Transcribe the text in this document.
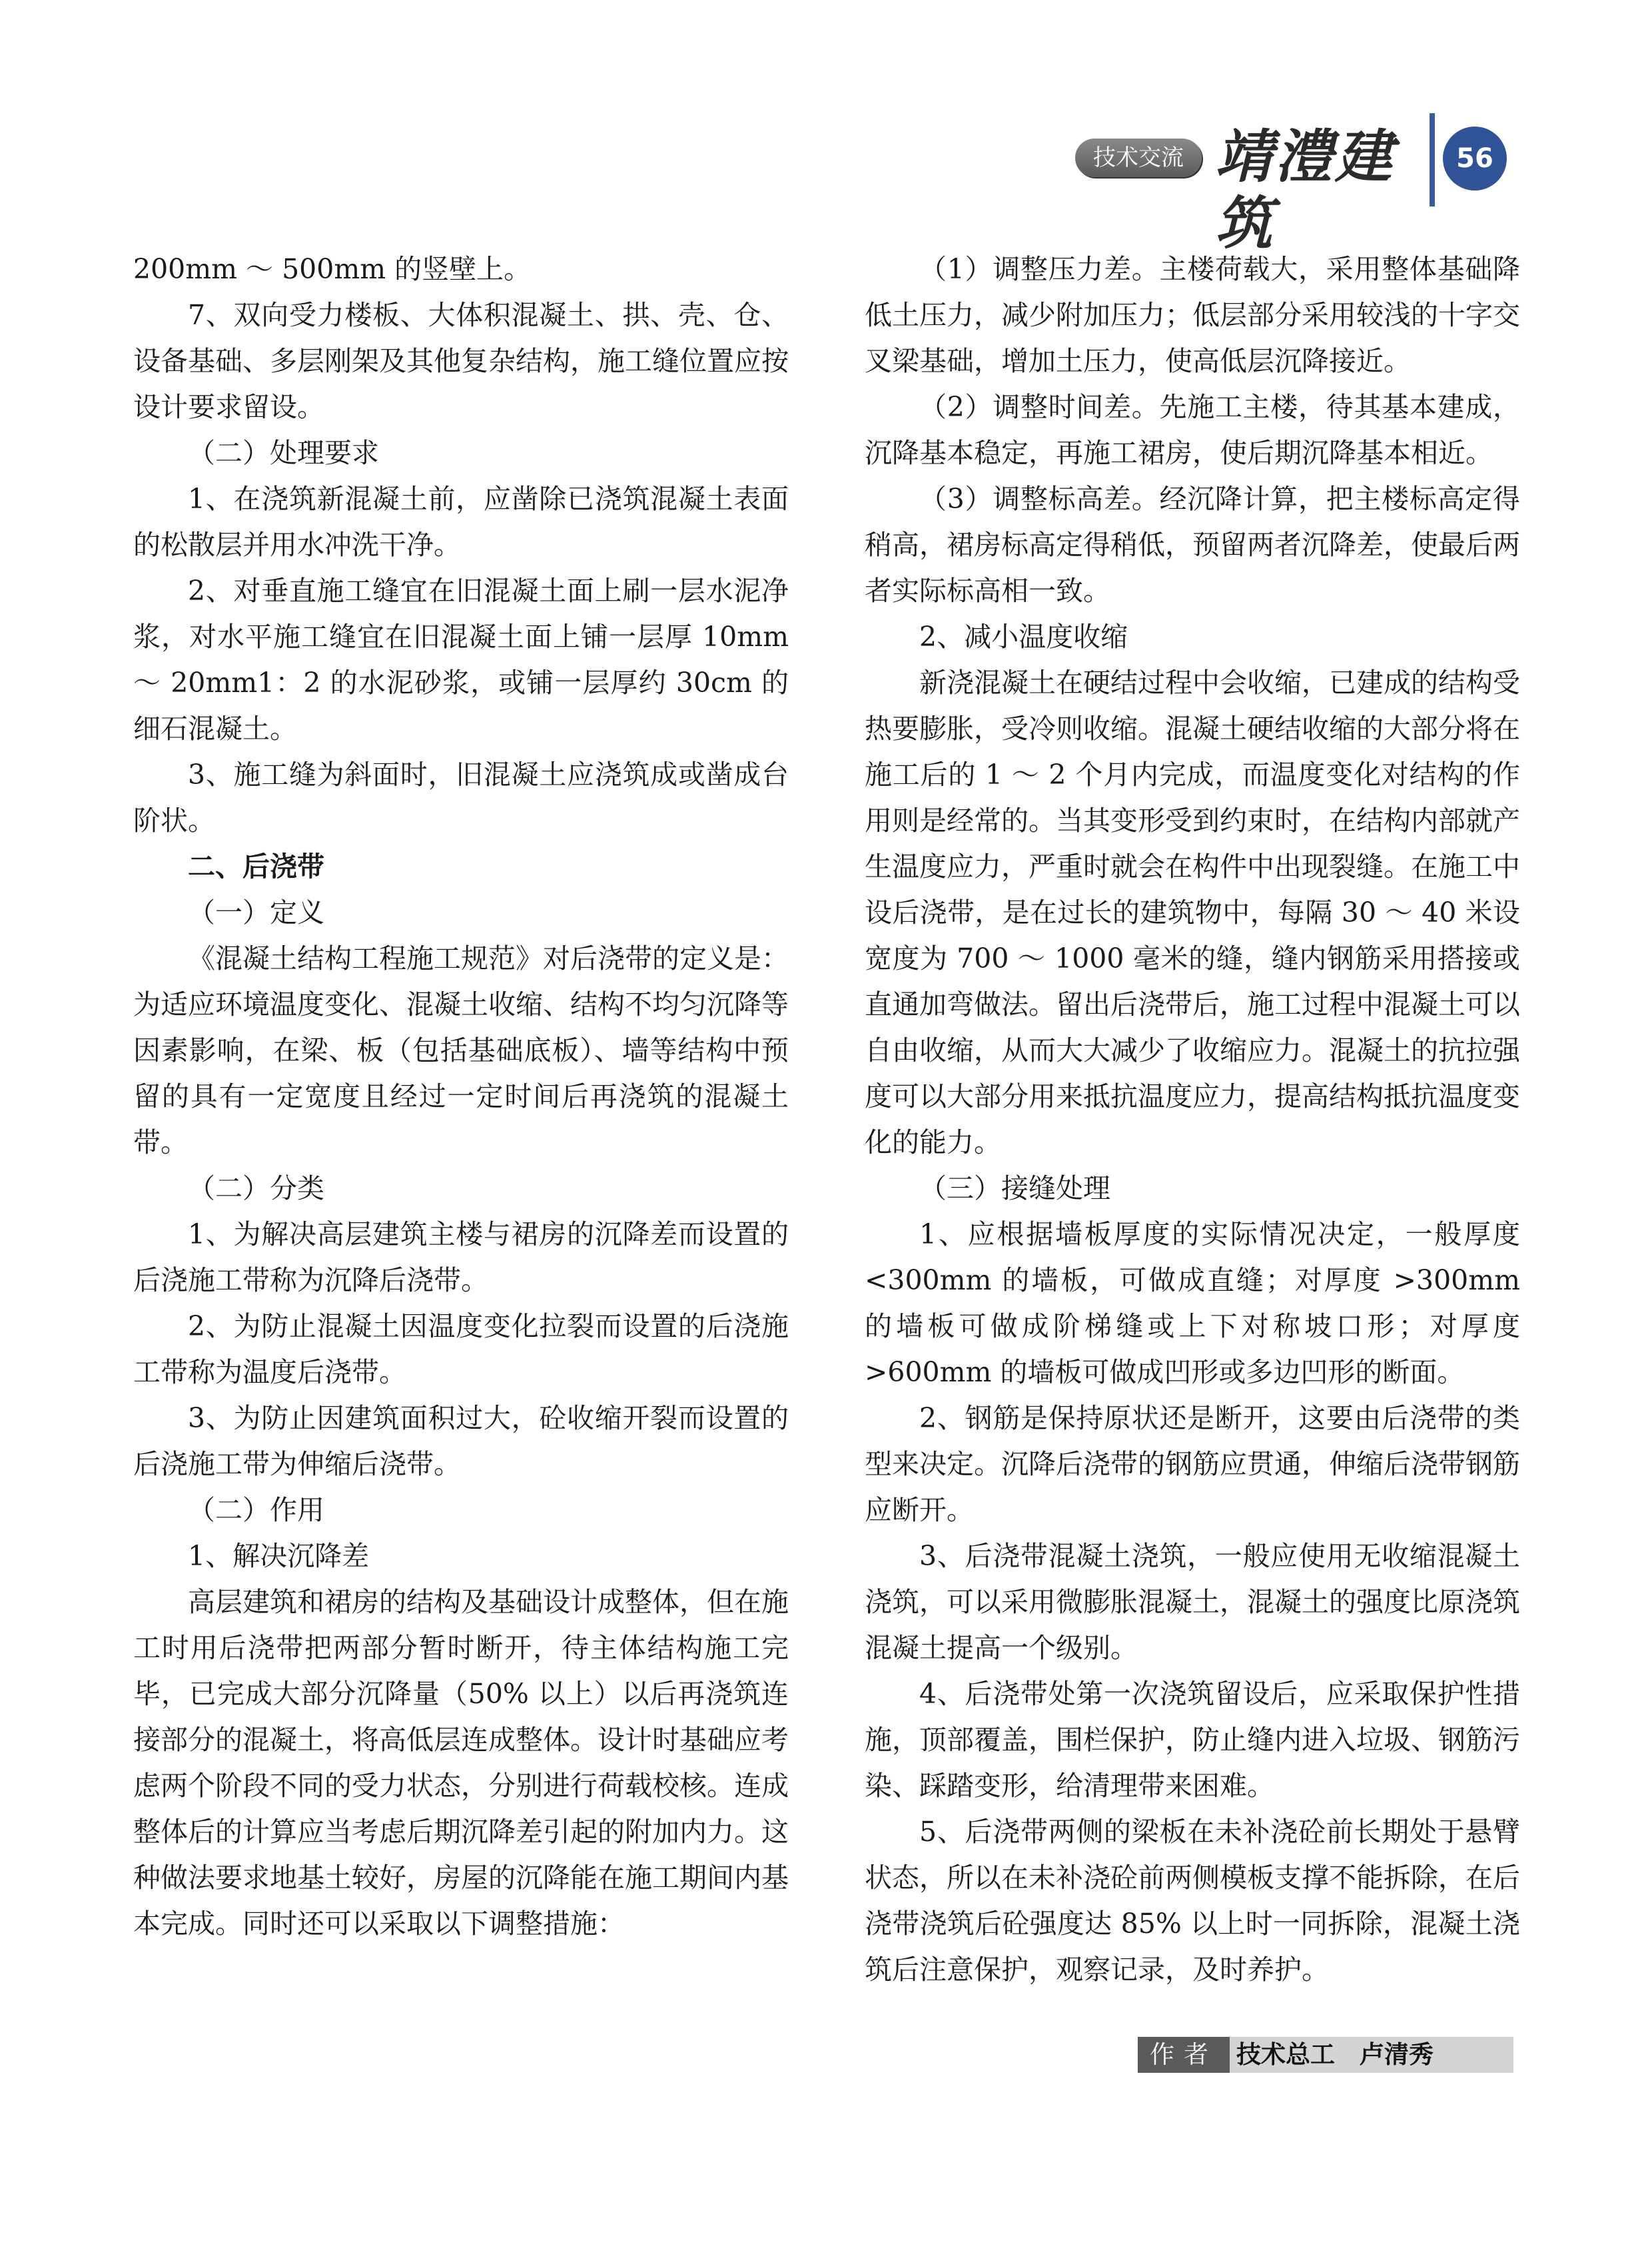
技术交流 靖澧建筑
56

200mm ～ 500mm 的竖壁上。

7、双向受力楼板、大体积混凝土、拱、壳、仓、设备基础、多层刚架及其他复杂结构，施工缝位置应按设计要求留设。

（二）处理要求

1、在浇筑新混凝土前，应凿除已浇筑混凝土表面的松散层并用水冲洗干净。

2、对垂直施工缝宜在旧混凝土面上刷一层水泥净浆，对水平施工缝宜在旧混凝土面上铺一层厚 10mm ～ 20mm1：2 的水泥砂浆，或铺一层厚约 30cm 的细石混凝土。

3、施工缝为斜面时，旧混凝土应浇筑成或凿成台阶状。

二、后浇带

（一）定义

《混凝土结构工程施工规范》对后浇带的定义是：为适应环境温度变化、混凝土收缩、结构不均匀沉降等因素影响，在梁、板（包括基础底板）、墙等结构中预留的具有一定宽度且经过一定时间后再浇筑的混凝土带。

（二）分类

1、为解决高层建筑主楼与裙房的沉降差而设置的后浇施工带称为沉降后浇带。

2、为防止混凝土因温度变化拉裂而设置的后浇施工带称为温度后浇带。

3、为防止因建筑面积过大，砼收缩开裂而设置的后浇施工带为伸缩后浇带。

（二）作用

1、解决沉降差

高层建筑和裙房的结构及基础设计成整体，但在施工时用后浇带把两部分暂时断开，待主体结构施工完毕，已完成大部分沉降量（50% 以上）以后再浇筑连接部分的混凝土，将高低层连成整体。设计时基础应考虑两个阶段不同的受力状态，分别进行荷载校核。连成整体后的计算应当考虑后期沉降差引起的附加内力。这种做法要求地基土较好，房屋的沉降能在施工期间内基本完成。同时还可以采取以下调整措施：

（1）调整压力差。主楼荷载大，采用整体基础降低土压力，减少附加压力；低层部分采用较浅的十字交叉梁基础，增加土压力，使高低层沉降接近。

（2）调整时间差。先施工主楼，待其基本建成，沉降基本稳定，再施工裙房，使后期沉降基本相近。

（3）调整标高差。经沉降计算，把主楼标高定得稍高，裙房标高定得稍低，预留两者沉降差，使最后两者实际标高相一致。

2、减小温度收缩

新浇混凝土在硬结过程中会收缩，已建成的结构受热要膨胀，受冷则收缩。混凝土硬结收缩的大部分将在施工后的 1 ～ 2 个月内完成，而温度变化对结构的作用则是经常的。当其变形受到约束时，在结构内部就产生温度应力，严重时就会在构件中出现裂缝。在施工中设后浇带，是在过长的建筑物中，每隔 30 ～ 40 米设宽度为 700 ～ 1000 毫米的缝，缝内钢筋采用搭接或直通加弯做法。留出后浇带后，施工过程中混凝土可以自由收缩，从而大大减少了收缩应力。混凝土的抗拉强度可以大部分用来抵抗温度应力，提高结构抵抗温度变化的能力。

（三）接缝处理

1、应根据墙板厚度的实际情况决定，一般厚度 <300mm 的墙板，可做成直缝；对厚度 >300mm 的墙板可做成阶梯缝或上下对称坡口形；对厚度 >600mm 的墙板可做成凹形或多边凹形的断面。

2、钢筋是保持原状还是断开，这要由后浇带的类型来决定。沉降后浇带的钢筋应贯通，伸缩后浇带钢筋应断开。

3、后浇带混凝土浇筑，一般应使用无收缩混凝土浇筑，可以采用微膨胀混凝土，混凝土的强度比原浇筑混凝土提高一个级别。

4、后浇带处第一次浇筑留设后，应采取保护性措施，顶部覆盖，围栏保护，防止缝内进入垃圾、钢筋污染、踩踏变形，给清理带来困难。

5、后浇带两侧的梁板在未补浇砼前长期处于悬臂状态，所以在未补浇砼前两侧模板支撑不能拆除，在后浇带浇筑后砼强度达 85% 以上时一同拆除，混凝土浇筑后注意保护，观察记录，及时养护。

作者 技术总工　卢清秀
